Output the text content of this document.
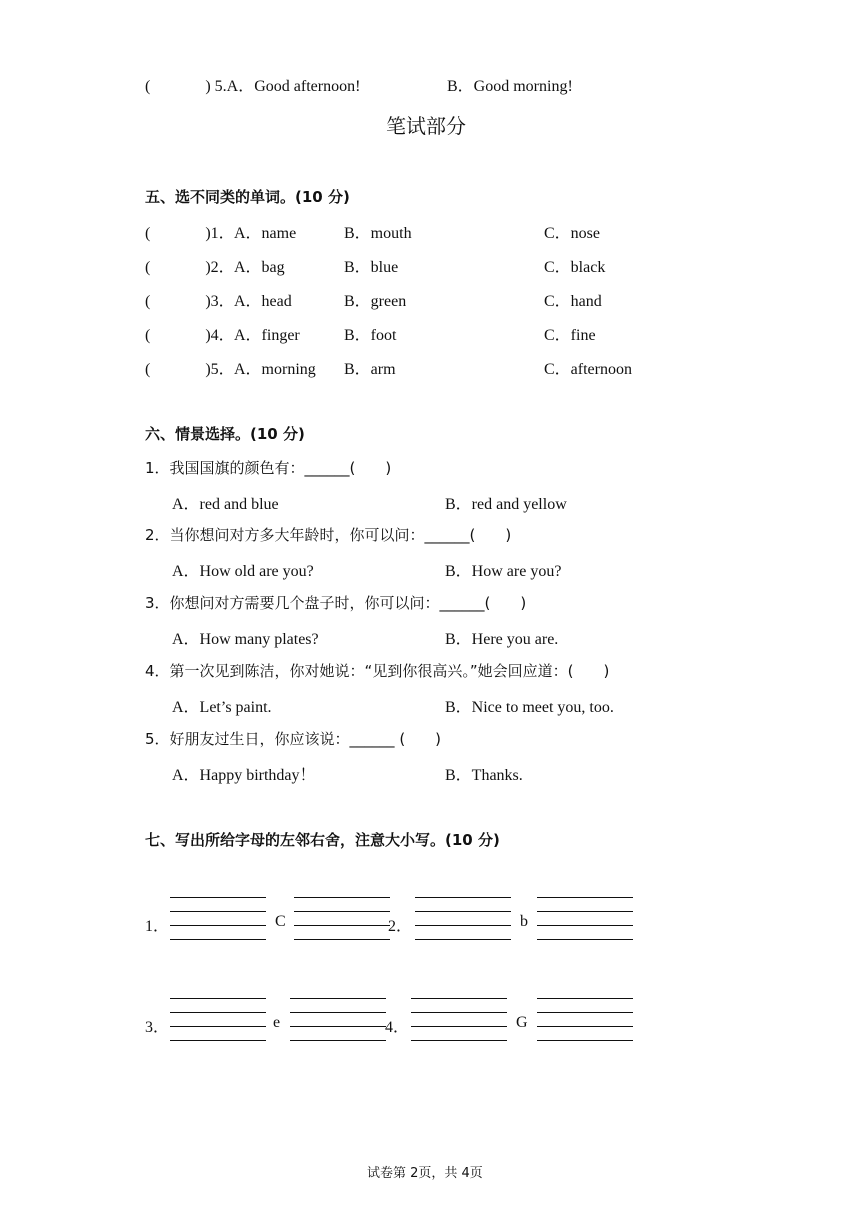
(	) 5.A．Good afternoon!	B．Good morning!
笔试部分
五、选不同类的单词。(10 分)
(	)1． A．name	B．mouth	C．nose
(	)2． A．bag	B．blue	C．black
(	)3． A．head	B．green	C．hand
(	)4． A．finger	B．foot	C．fine
(	)5． A．morning B．arm	C．afternoon
六、情景选择。(10 分)
1．我国国旗的颜色有：______(　　)
A．red and blue	B．red and yellow
2．当你想问对方多大年龄时，你可以问：______(　　)
A．How old are you?	B．How are you?
3．你想问对方需要几个盘子时，你可以问：______(　　)
A．How many plates?	B．Here you are.
4．第一次见到陈洁，你对她说：“见到你很高兴。”她会回应道：(　　)
A．Let’s paint.	B．Nice to meet you, too.
5．好朋友过生日，你应该说：______ (　　)
A．Happy birthday！	B．Thanks.
七、写出所给字母的左邻右舍，注意大小写。(10 分)
1．	C	2．	b
3．	e	4．	G
试卷第 2页，共 4页
